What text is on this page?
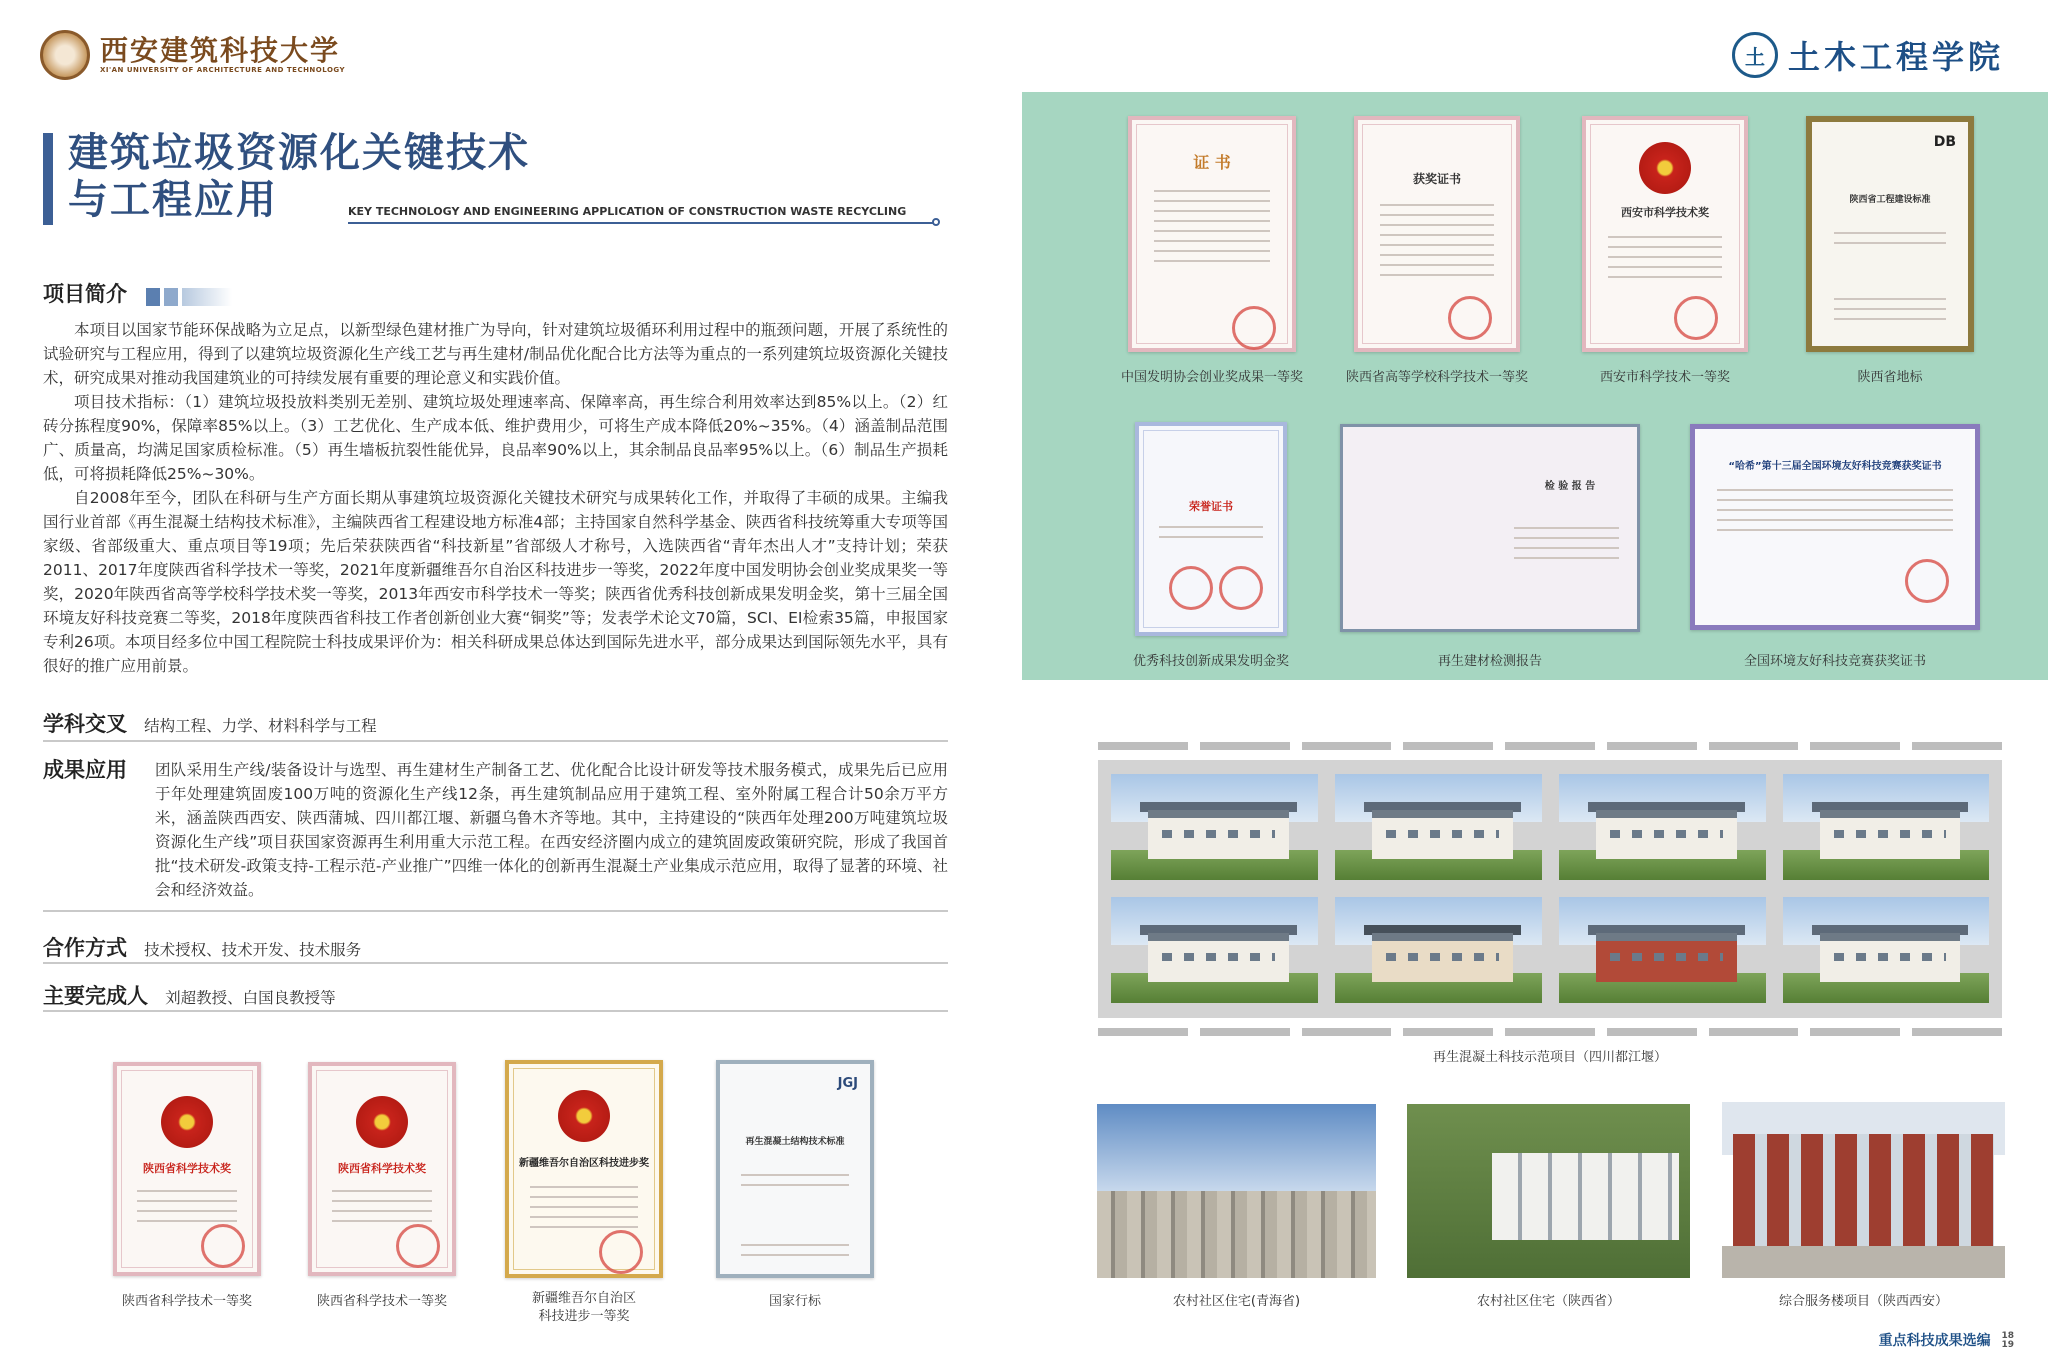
西安建筑科技大学
XI'AN UNIVERSITY OF ARCHITECTURE AND TECHNOLOGY
土 土木工程学院
建筑垃圾资源化关键技术
与工程应用	KEY TECHNOLOGY AND ENGINEERING APPLICATION OF CONSTRUCTION WASTE RECYCLING
项目简介

本项目以国家节能环保战略为立足点，以新型绿色建材推广为导向，针对建筑垃圾循环利用过程中的瓶颈问题，开展了系统性的试验研究与工程应用，得到了以建筑垃圾资源化生产线工艺与再生建材/制品优化配合比方法等为重点的一系列建筑垃圾资源化关键技术，研究成果对推动我国建筑业的可持续发展有重要的理论意义和实践价值。

项目技术指标：（1）建筑垃圾投放料类别无差别、建筑垃圾处理速率高、保障率高，再生综合利用效率达到85%以上。（2）红砖分拣程度90%，保障率85%以上。（3）工艺优化、生产成本低、维护费用少，可将生产成本降低20%~35%。（4）涵盖制品范围广、质量高，均满足国家质检标准。（5）再生墙板抗裂性能优异，良品率90%以上，其余制品良品率95%以上。（6）制品生产损耗低，可将损耗降低25%~30%。

自2008年至今，团队在科研与生产方面长期从事建筑垃圾资源化关键技术研究与成果转化工作，并取得了丰硕的成果。主编我国行业首部《再生混凝土结构技术标准》，主编陕西省工程建设地方标准4部；主持国家自然科学基金、陕西省科技统筹重大专项等国家级、省部级重大、重点项目等19项；先后荣获陕西省“科技新星”省部级人才称号，入选陕西省“青年杰出人才”支持计划；荣获2011、2017年度陕西省科学技术一等奖，2021年度新疆维吾尔自治区科技进步一等奖，2022年度中国发明协会创业奖成果奖一等奖，2020年陕西省高等学校科学技术奖一等奖，2013年西安市科学技术一等奖；陕西省优秀科技创新成果发明金奖，第十三届全国环境友好科技竞赛二等奖，2018年度陕西省科技工作者创新创业大赛“铜奖”等；发表学术论文70篇，SCI、EI检索35篇，申报国家专利26项。本项目经多位中国工程院院士科技成果评价为：相关科研成果总体达到国际先进水平，部分成果达到国际领先水平，具有很好的推广应用前景。

学科交叉 结构工程、力学、材料科学与工程
成果应用 团队采用生产线/装备设计与选型、再生建材生产制备工艺、优化配合比设计研发等技术服务模式，成果先后已应用于年处理建筑固废100万吨的资源化生产线12条，再生建筑制品应用于建筑工程、室外附属工程合计50余万平方米，涵盖陕西西安、陕西蒲城、四川都江堰、新疆乌鲁木齐等地。其中，主持建设的“陕西年处理200万吨建筑垃圾资源化生产线”项目获国家资源再生利用重大示范工程。在西安经济圈内成立的建筑固废政策研究院，形成了我国首批“技术研发-政策支持-工程示范-产业推广”四维一体化的创新再生混凝土产业集成示范应用，取得了显著的环境、社会和经济效益。
合作方式 技术授权、技术开发、技术服务
主要完成人 刘超教授、白国良教授等
陕西省科学技术奖
陕西省科学技术一等奖
陕西省科学技术奖
陕西省科学技术一等奖
新疆维吾尔自治区科技进步奖
新疆维吾尔自治区
科技进步一等奖
JGJ
再生混凝土结构技术标准
国家行标
证 书
中国发明协会创业奖成果一等奖
获奖证书
陕西省高等学校科学技术一等奖
西安市科学技术奖
西安市科学技术一等奖
DB
陕西省工程建设标准
陕西省地标
荣誉证书
优秀科技创新成果发明金奖
检 验 报 告
再生建材检测报告
“哈希”第十三届全国环境友好科技竞赛获奖证书
全国环境友好科技竞赛获奖证书
再生混凝土科技示范项目（四川都江堰）
农村社区住宅(青海省)	农村社区住宅（陕西省）	综合服务楼项目（陕西西安）
重点科技成果选编 18
19
